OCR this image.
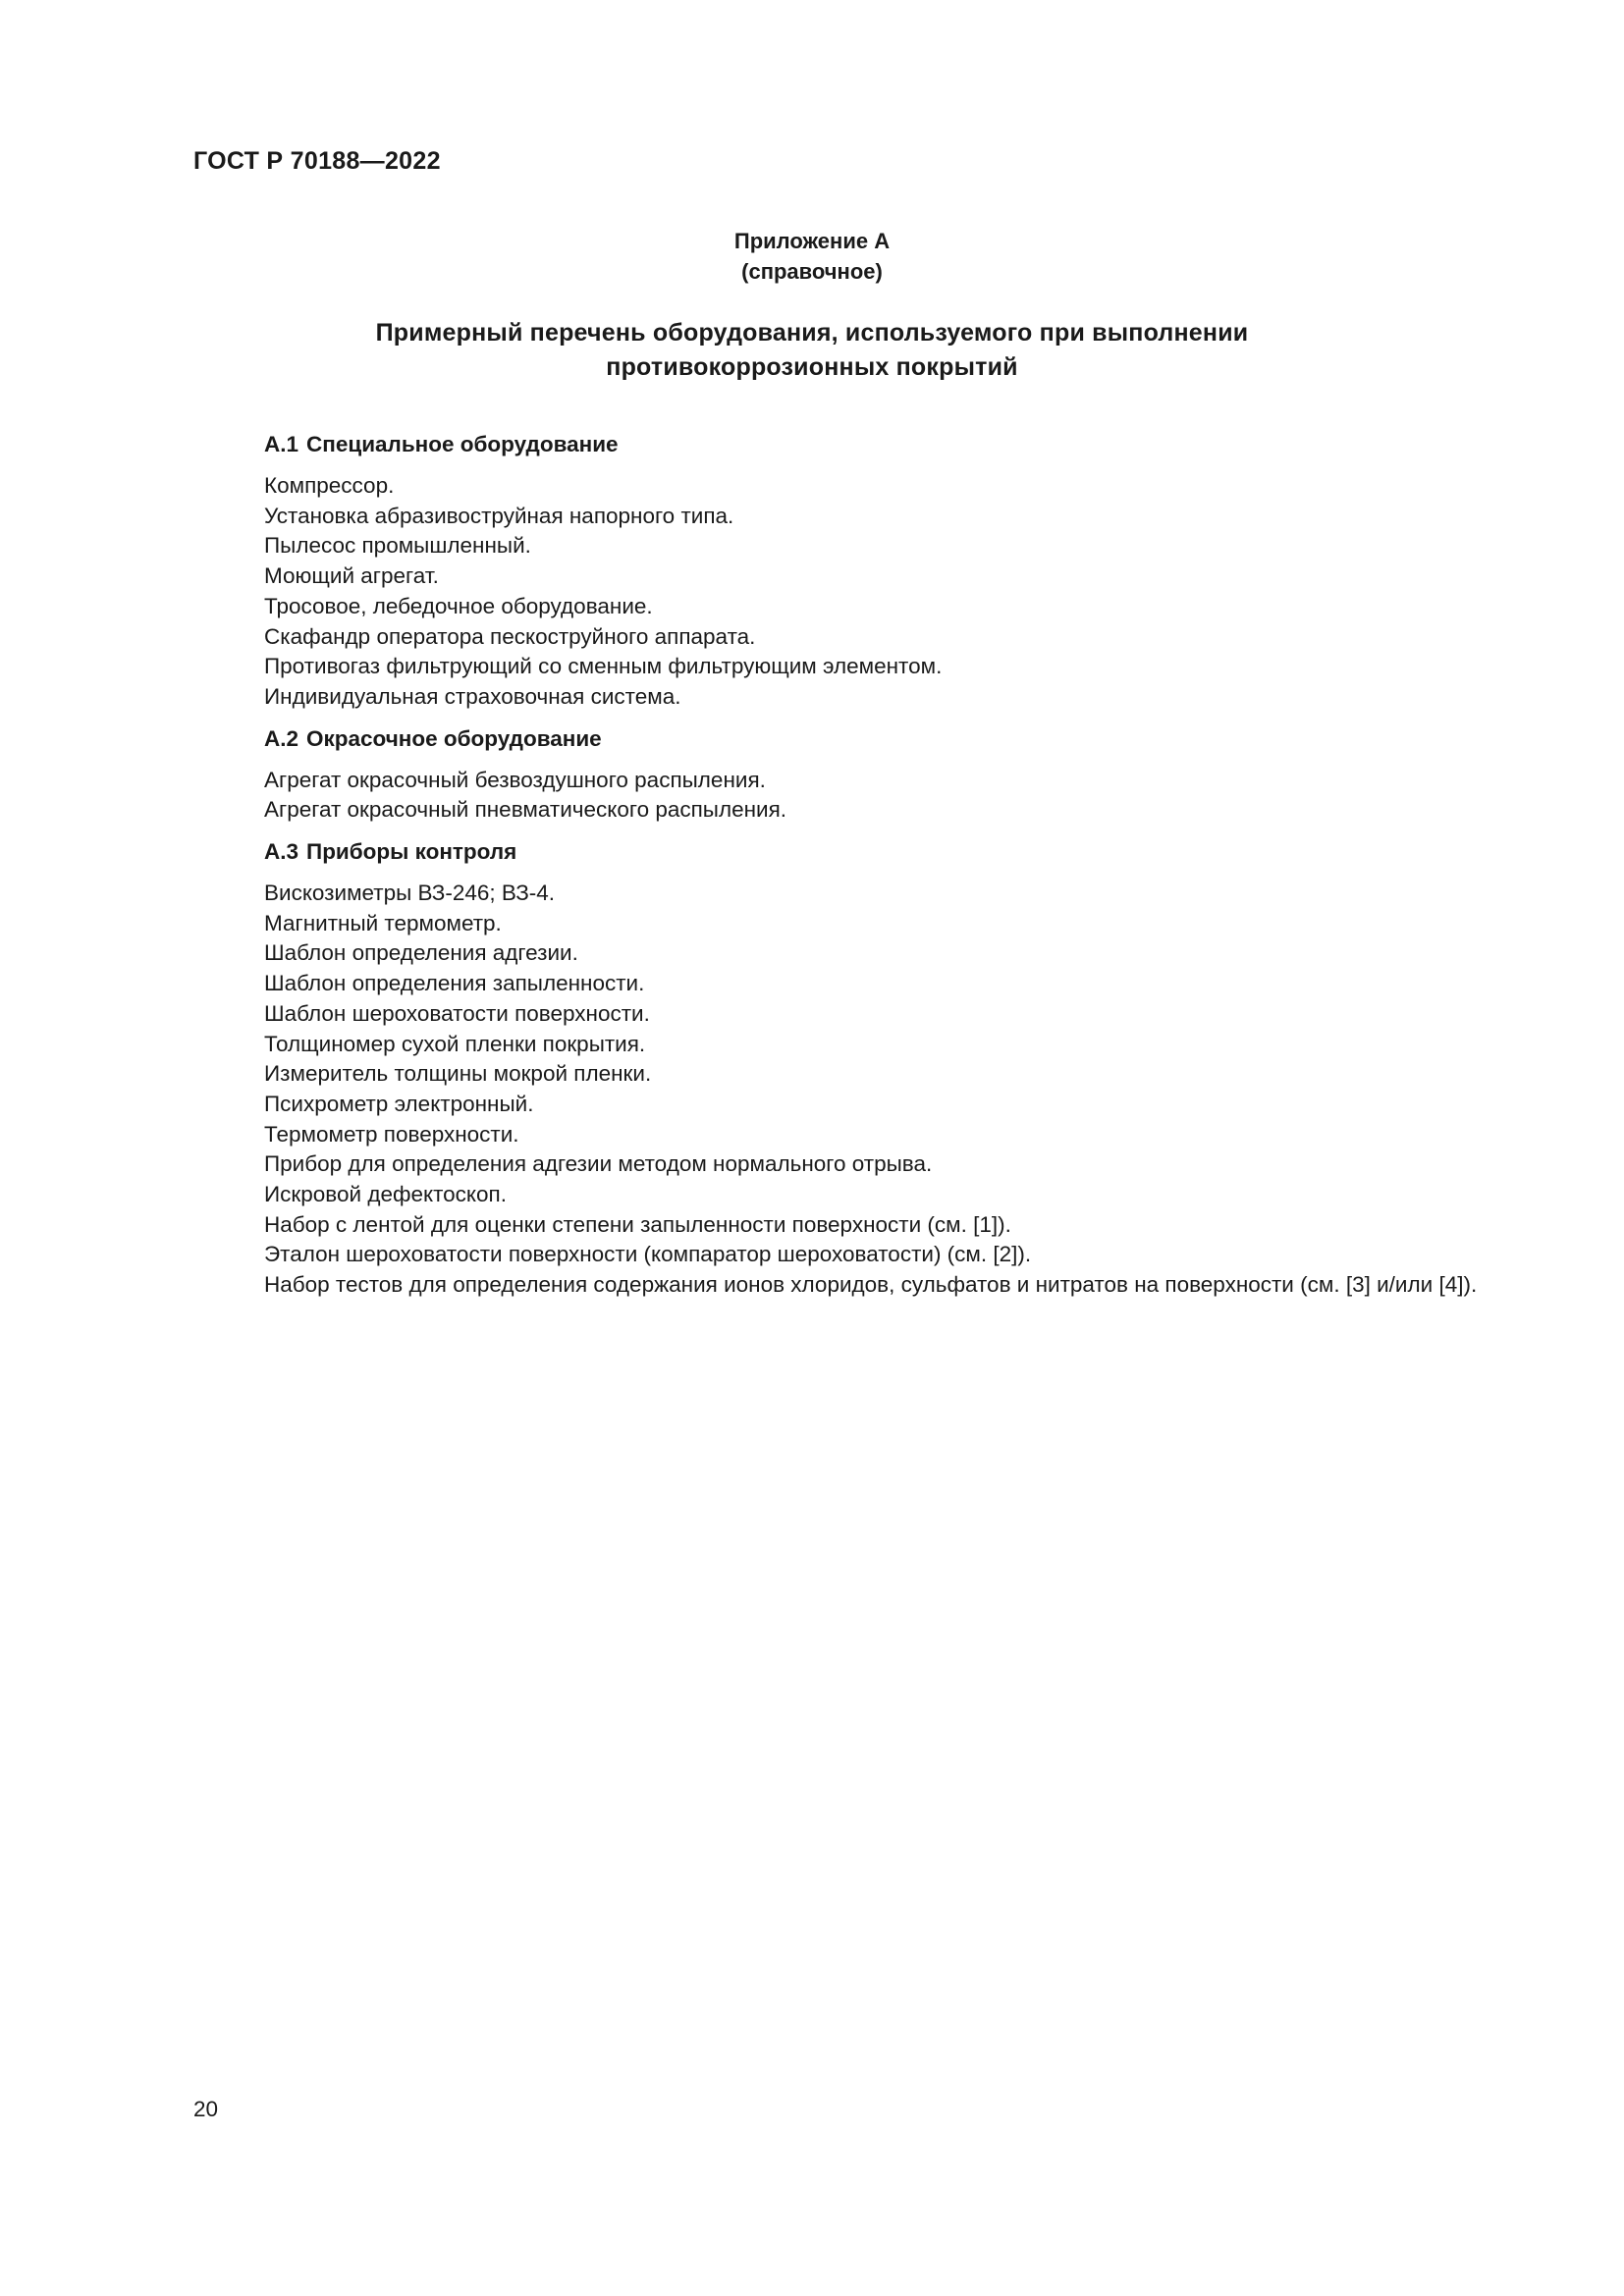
ГОСТ Р 70188—2022
Приложение А
(справочное)
Примерный перечень оборудования, используемого при выполнении
противокоррозионных покрытий
А.1 Специальное оборудование

Компрессор.

Установка абразивоструйная напорного типа.

Пылесос промышленный.

Моющий агрегат.

Тросовое, лебедочное оборудование.

Скафандр оператора пескоструйного аппарата.

Противогаз фильтрующий со сменным фильтрующим элементом.

Индивидуальная страховочная система.

А.2 Окрасочное оборудование

Агрегат окрасочный безвоздушного распыления.

Агрегат окрасочный пневматического распыления.

А.3 Приборы контроля

Вискозиметры ВЗ-246; ВЗ-4.

Магнитный термометр.

Шаблон определения адгезии.

Шаблон определения запыленности.

Шаблон шероховатости поверхности.

Толщиномер сухой пленки покрытия.

Измеритель толщины мокрой пленки.

Психрометр электронный.

Термометр поверхности.

Прибор для определения адгезии методом нормального отрыва.

Искровой дефектоскоп.

Набор с лентой для оценки степени запыленности поверхности (см. [1]).

Эталон шероховатости поверхности (компаратор шероховатости) (см. [2]).

Набор тестов для определения содержания ионов хлоридов, сульфатов и нитратов на поверхности (см. [3] и/или [4]).

20
